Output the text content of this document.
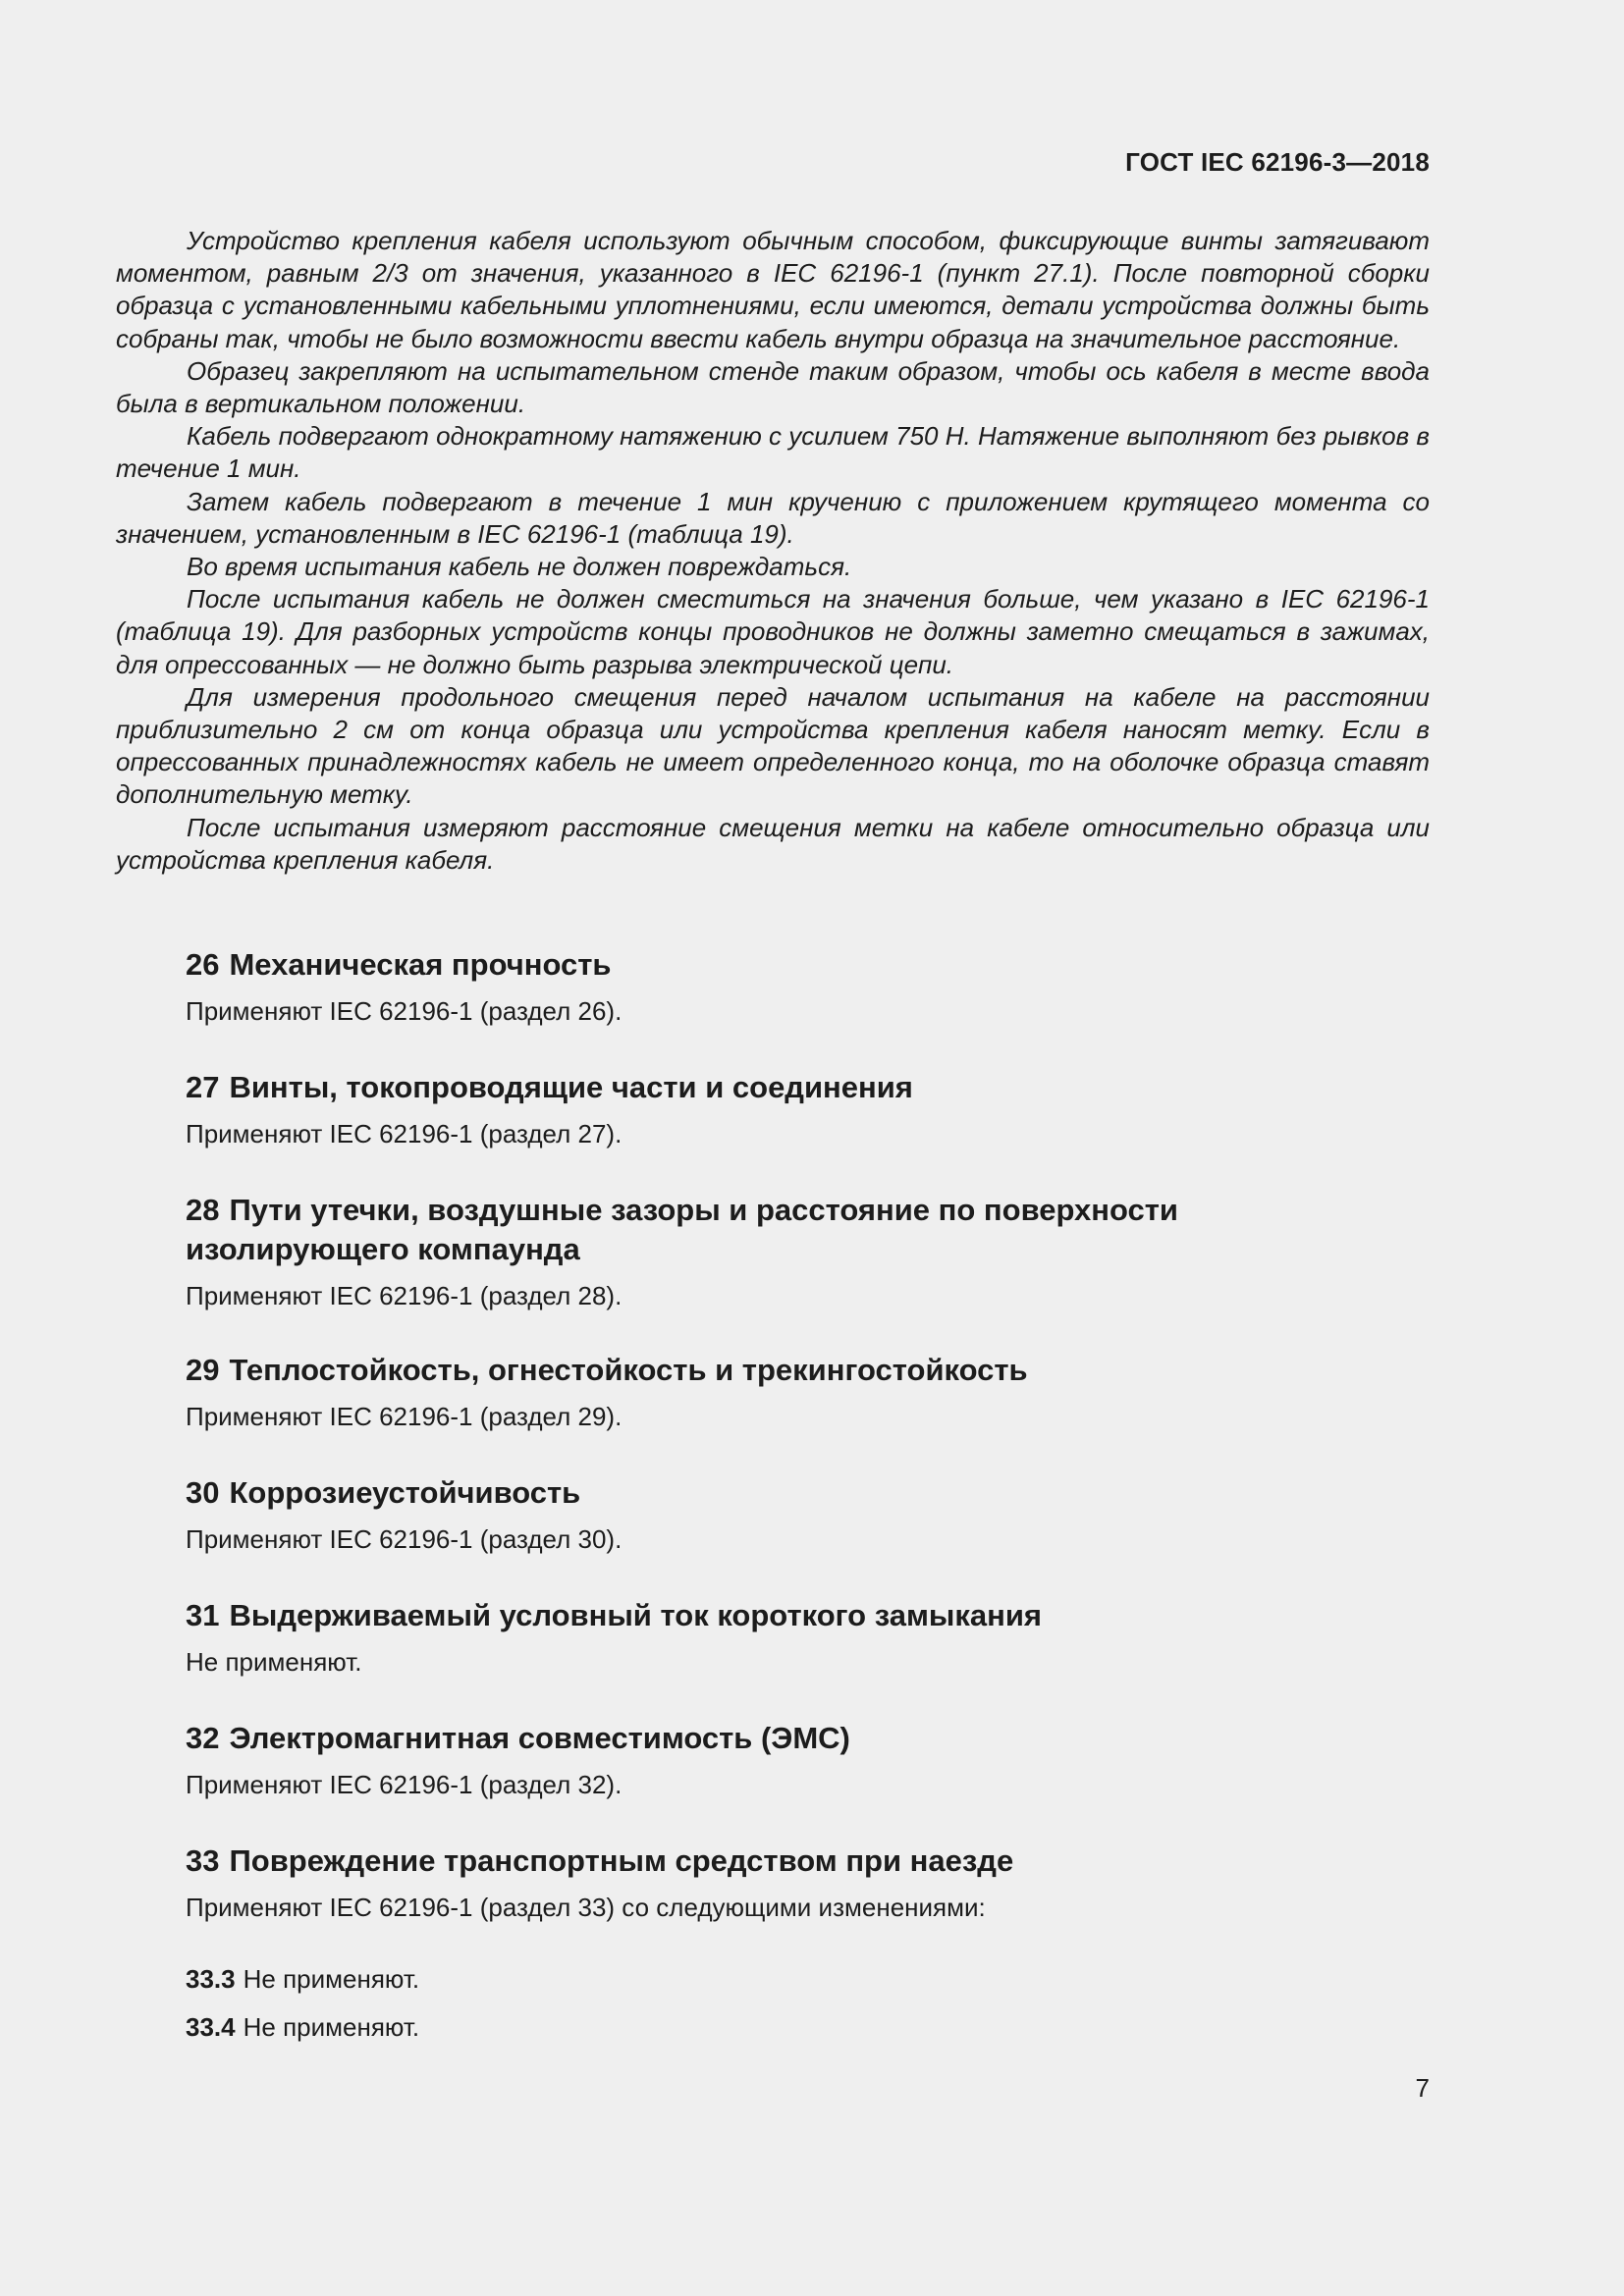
ГОСТ IEC 62196-3—2018

Устройство крепления кабеля используют обычным способом, фиксирующие винты затягивают моментом, равным 2/3 от значения, указанного в IEC 62196-1 (пункт 27.1). После повторной сборки образца с установленными кабельными уплотнениями, если имеются, детали устройства должны быть собраны так, чтобы не было возможности ввести кабель внутри образца на значительное расстояние.

Образец закрепляют на испытательном стенде таким образом, чтобы ось кабеля в месте ввода была в вертикальном положении.

Кабель подвергают однократному натяжению с усилием 750 Н. Натяжение выполняют без рывков в течение 1 мин.

Затем кабель подвергают в течение 1 мин кручению с приложением крутящего момента со значением, установленным в IEC 62196-1 (таблица 19).

Во время испытания кабель не должен повреждаться.

После испытания кабель не должен сместиться на значения больше, чем указано в IEC 62196-1 (таблица 19). Для разборных устройств концы проводников не должны заметно смещаться в зажимах, для опрессованных — не должно быть разрыва электрической цепи.

Для измерения продольного смещения перед началом испытания на кабеле на расстоянии приблизительно 2 см от конца образца или устройства крепления кабеля наносят метку. Если в опрессованных принадлежностях кабель не имеет определенного конца, то на оболочке образца ставят дополнительную метку.

После испытания измеряют расстояние смещения метки на кабеле относительно образца или устройства крепления кабеля.

26 Механическая прочность

Применяют IEC 62196-1 (раздел 26).

27 Винты, токопроводящие части и соединения

Применяют IEC 62196-1 (раздел 27).

28 Пути утечки, воздушные зазоры и расстояние по поверхности
изолирующего компаунда

Применяют IEC 62196-1 (раздел 28).

29 Теплостойкость, огнестойкость и трекингостойкость

Применяют IEC 62196-1 (раздел 29).

30 Коррозиеустойчивость

Применяют IEC 62196-1 (раздел 30).

31 Выдерживаемый условный ток короткого замыкания

Не применяют.

32 Электромагнитная совместимость (ЭМС)

Применяют IEC 62196-1 (раздел 32).

33 Повреждение транспортным средством при наезде

Применяют IEC 62196-1 (раздел 33) со следующими изменениями:

33.3 Не применяют.
33.4 Не применяют.
7
